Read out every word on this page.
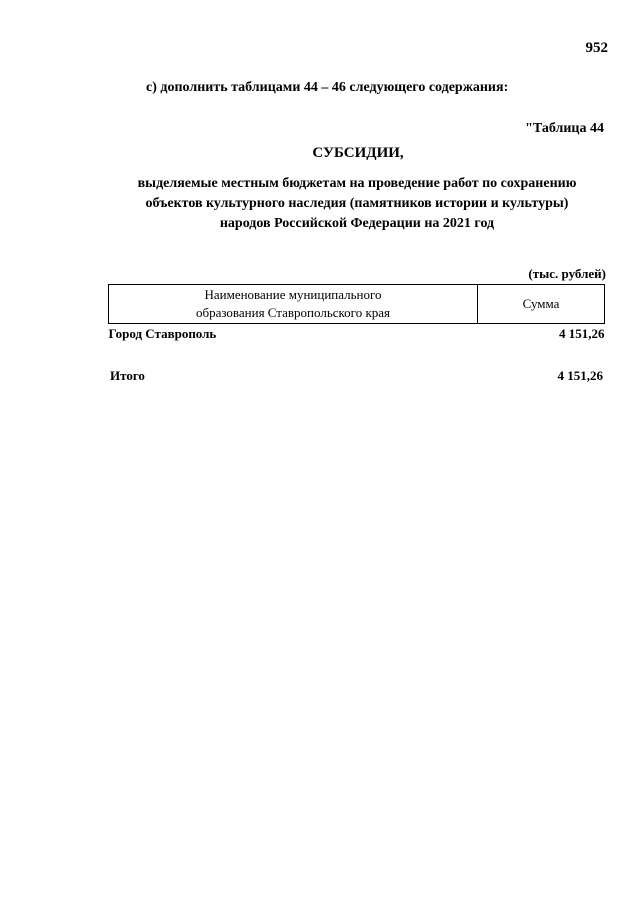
952
с) дополнить таблицами 44 – 46 следующего содержания:
"Таблица 44
СУБСИДИИ,
выделяемые местным бюджетам на проведение работ по сохранению
объектов культурного наследия (памятников истории и культуры)
народов Российской Федерации на 2021 год
(тыс. рублей)
Наименование муниципального
образования Ставропольского края	Сумма
Город Ставрополь	4 151,26
Итого	4 151,26
